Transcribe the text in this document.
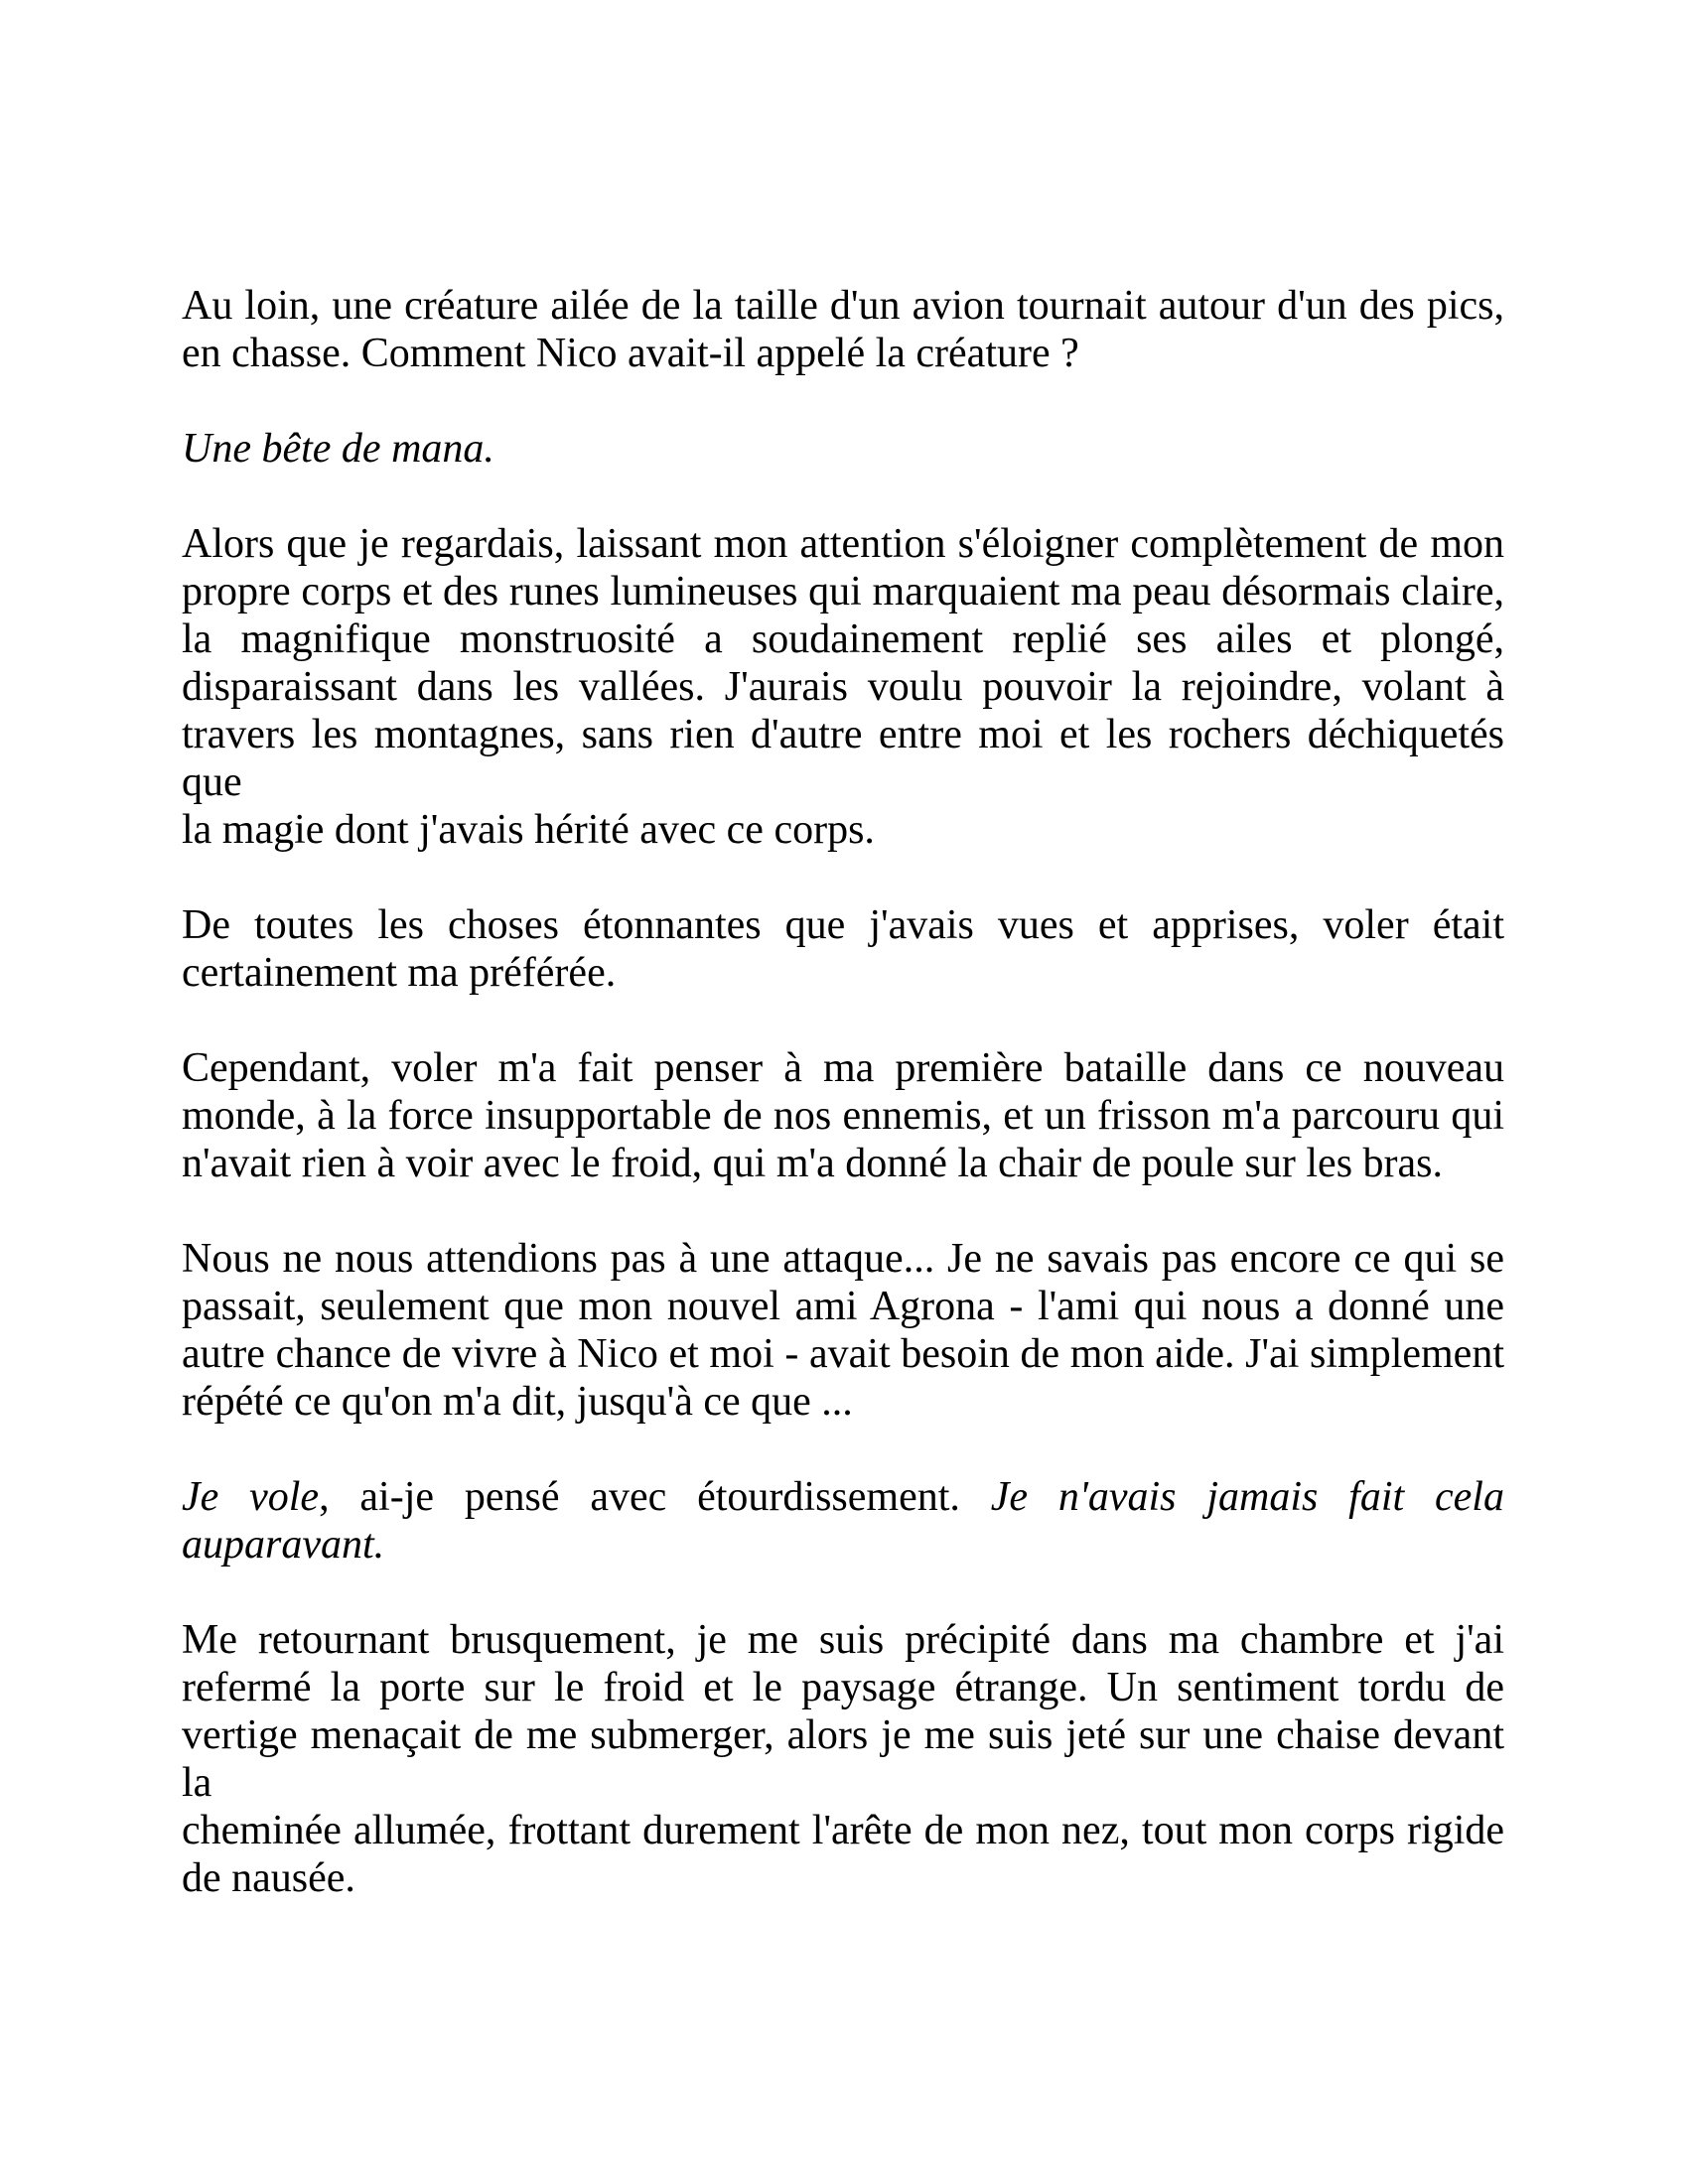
Au loin, une créature ailée de la taille d'un avion tournait autour d'un des pics,
en chasse. Comment Nico avait-il appelé la créature ?
Une bête de mana.
Alors que je regardais, laissant mon attention s'éloigner complètement de mon
propre corps et des runes lumineuses qui marquaient ma peau désormais claire,
la magnifique monstruosité a soudainement replié ses ailes et plongé,
disparaissant dans les vallées. J'aurais voulu pouvoir la rejoindre, volant à
travers les montagnes, sans rien d'autre entre moi et les rochers déchiquetés que
la magie dont j'avais hérité avec ce corps.
De toutes les choses étonnantes que j'avais vues et apprises, voler était
certainement ma préférée.
Cependant, voler m'a fait penser à ma première bataille dans ce nouveau
monde, à la force insupportable de nos ennemis, et un frisson m'a parcouru qui
n'avait rien à voir avec le froid, qui m'a donné la chair de poule sur les bras.
Nous ne nous attendions pas à une attaque... Je ne savais pas encore ce qui se
passait, seulement que mon nouvel ami Agrona - l'ami qui nous a donné une
autre chance de vivre à Nico et moi - avait besoin de mon aide. J'ai simplement
répété ce qu'on m'a dit, jusqu'à ce que ...
Je vole, ai-je pensé avec étourdissement. Je n'avais jamais fait cela auparavant.
Me retournant brusquement, je me suis précipité dans ma chambre et j'ai
refermé la porte sur le froid et le paysage étrange. Un sentiment tordu de
vertige menaçait de me submerger, alors je me suis jeté sur une chaise devant la
cheminée allumée, frottant durement l'arête de mon nez, tout mon corps rigide
de nausée.
